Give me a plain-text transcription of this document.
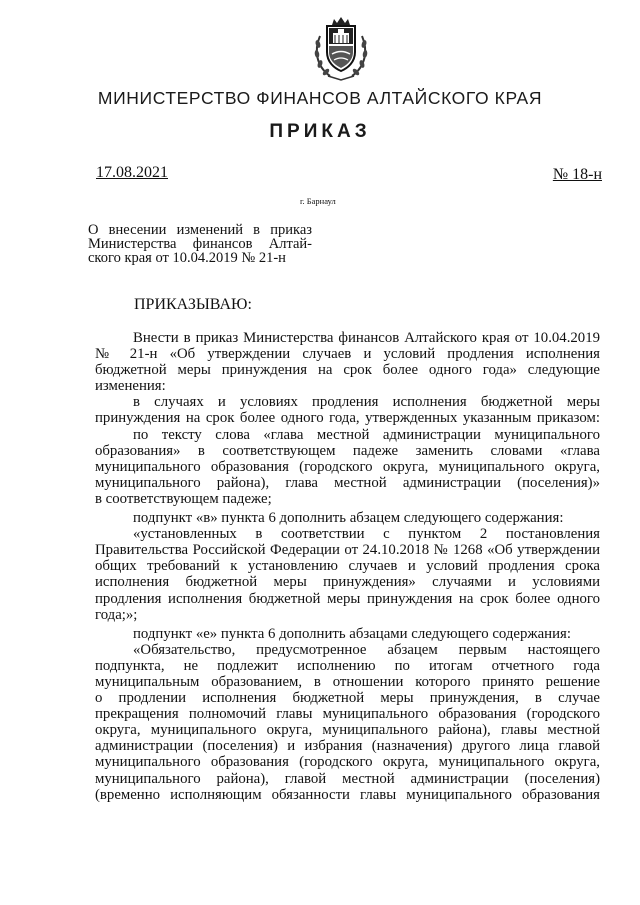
МИНИСТЕРСТВО ФИНАНСОВ АЛТАЙСКОГО КРАЯ
ПРИКАЗ
17.08.2021	№ 18-н
г. Барнаул
О внесении изменений в приказ
Министерства финансов Алтай-
ского края от 10.04.2019 № 21-н
ПРИКАЗЫВАЮ:
Внести в приказ Министерства финансов Алтайского края от 10.04.2019
№ 21-н «Об утверждении случаев и условий продления исполнения
бюджетной меры принуждения на срок более одного года» следующие
изменения:
в случаях и условиях продления исполнения бюджетной меры
принуждения на срок более одного года, утвержденных указанным приказом:
по тексту слова «глава местной администрации муниципального
образования» в соответствующем падеже заменить словами «глава
муниципального образования (городского округа, муниципального округа,
муниципального района), глава местной администрации (поселения)»
в соответствующем падеже;
подпункт «в» пункта 6 дополнить абзацем следующего содержания:
«установленных в соответствии с пунктом 2 постановления
Правительства Российской Федерации от 24.10.2018 № 1268 «Об утверждении
общих требований к установлению случаев и условий продления срока
исполнения бюджетной меры принуждения» случаями и условиями
продления исполнения бюджетной меры принуждения на срок более одного
года;»;
подпункт «е» пункта 6 дополнить абзацами следующего содержания:
«Обязательство, предусмотренное абзацем первым настоящего
подпункта, не подлежит исполнению по итогам отчетного года
муниципальным образованием, в отношении которого принято решение
о продлении исполнения бюджетной меры принуждения, в случае
прекращения полномочий главы муниципального образования (городского
округа, муниципального округа, муниципального района), главы местной
администрации (поселения) и избрания (назначения) другого лица главой
муниципального образования (городского округа, муниципального округа,
муниципального района), главой местной администрации (поселения)
(временно исполняющим обязанности главы муниципального образования
